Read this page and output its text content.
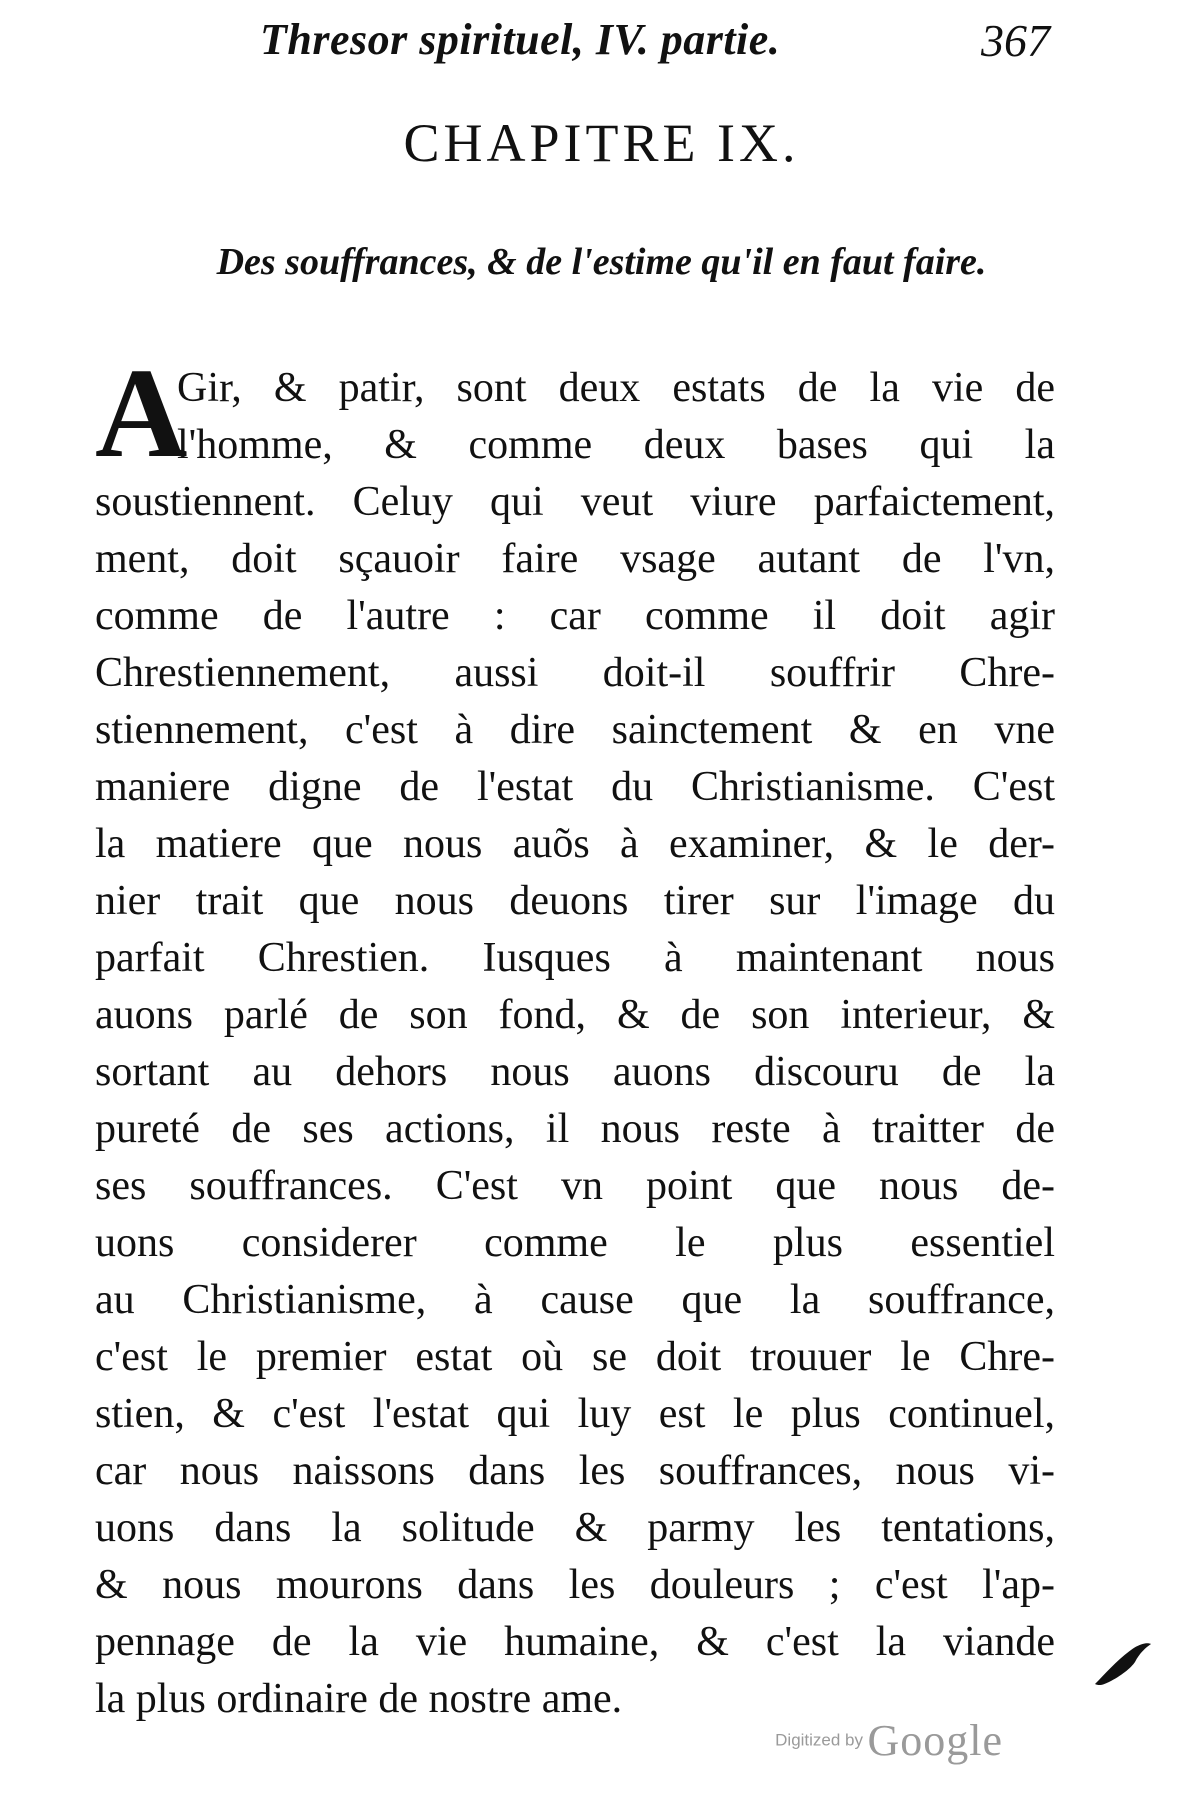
Thresor spirituel, IV. partie.	367
CHAPITRE IX.
Des souffrances, & de l'estime qu'il en faut faire.
A
Gir, & patir, sont deux estats de la vie de
l'homme, & comme deux bases qui la
soustiennent. Celuy qui veut viure parfaictement,
ment, doit sçauoir faire vsage autant de l'vn,
comme de l'autre : car comme il doit agir
Chrestiennement, aussi doit-il souffrir Chre-
stiennement, c'est à dire sainctement & en vne
maniere digne de l'estat du Christianisme. C'est
la matiere que nous auõs à examiner, & le der-
nier trait que nous deuons tirer sur l'image du
parfait Chrestien. Iusques à maintenant nous
auons parlé de son fond, & de son interieur, &
sortant au dehors nous auons discouru de la
pureté de ses actions, il nous reste à traitter de
ses souffrances. C'est vn point que nous de-
uons considerer comme le plus essentiel
au Christianisme, à cause que la souffrance,
c'est le premier estat où se doit trouuer le Chre-
stien, & c'est l'estat qui luy est le plus continuel,
car nous naissons dans les souffrances, nous vi-
uons dans la solitude & parmy les tentations,
& nous mourons dans les douleurs ; c'est l'ap-
pennage de la vie humaine, & c'est la viande
la plus ordinaire de nostre ame.
Digitized by Google
